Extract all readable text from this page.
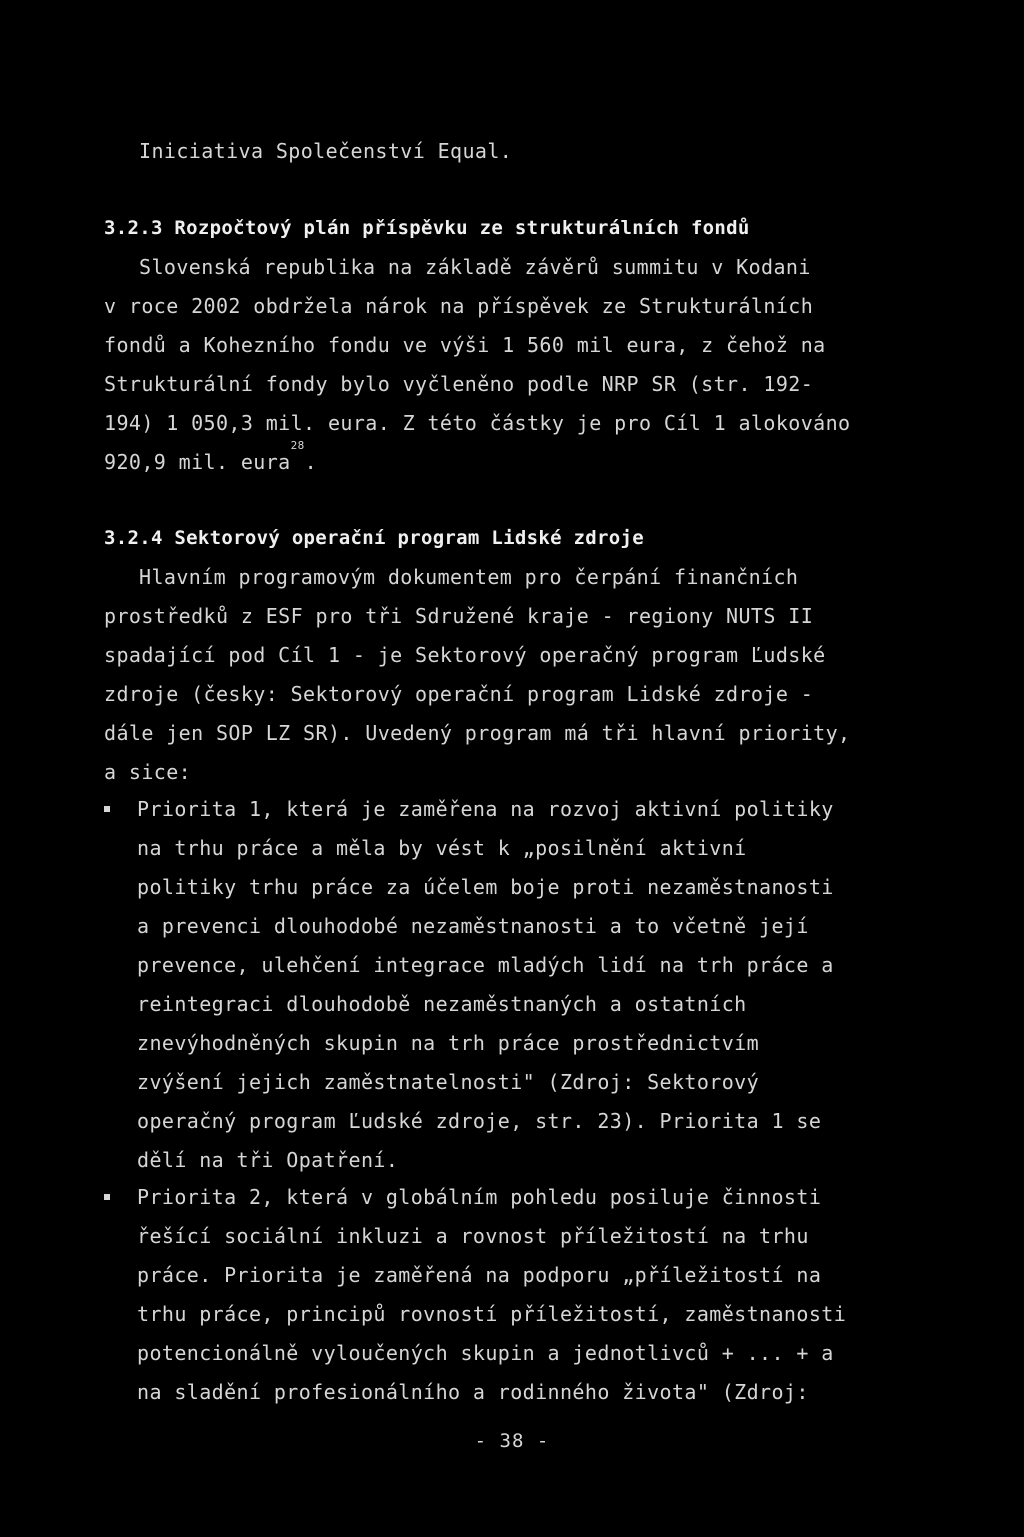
Iniciativa Společenství Equal.
3.2.3 Rozpočtový plán příspěvku ze strukturálních fondů
Slovenská republika na základě závěrů summitu v Kodani
v roce 2002 obdržela nárok na příspěvek ze Strukturálních
fondů a Kohezního fondu ve výši 1 560 mil eura, z čehož na
Strukturální fondy bylo vyčleněno podle NRP SR (str. 192-
194) 1 050,3 mil. eura. Z této částky je pro Cíl 1 alokováno
920,9 mil. eura$^{28}$.
3.2.4 Sektorový operační program Lidské zdroje
Hlavním programovým dokumentem pro čerpání finančních
prostředků z ESF pro tři Sdružené kraje - regiony NUTS II
spadající pod Cíl 1 - je Sektorový operačný program Ľudské
zdroje (česky: Sektorový operační program Lidské zdroje -
dále jen SOP LZ SR). Uvedený program má tři hlavní priority,
a sice:
Priorita 1, která je zaměřena na rozvoj aktivní politiky
na trhu práce a měla by vést k „posilnění aktivní
politiky trhu práce za účelem boje proti nezaměstnanosti
a prevenci dlouhodobé nezaměstnanosti a to včetně její
prevence, ulehčení integrace mladých lidí na trh práce a
reintegraci dlouhodobě nezaměstnaných a ostatních
znevýhodněných skupin na trh práce prostřednictvím
zvýšení jejich zaměstnatelnosti" (Zdroj: Sektorový
operačný program Ľudské zdroje, str. 23). Priorita 1 se
dělí na tři Opatření.
Priorita 2, která v globálním pohledu posiluje činnosti
řešící sociální inkluzi a rovnost příležitostí na trhu
práce. Priorita je zaměřená na podporu „příležitostí na
trhu práce, principů rovností příležitostí, zaměstnanosti
potencionálně vyloučených skupin a jednotlivců + ... + a
na sladění profesionálního a rodinného života" (Zdroj:
- 38 -
